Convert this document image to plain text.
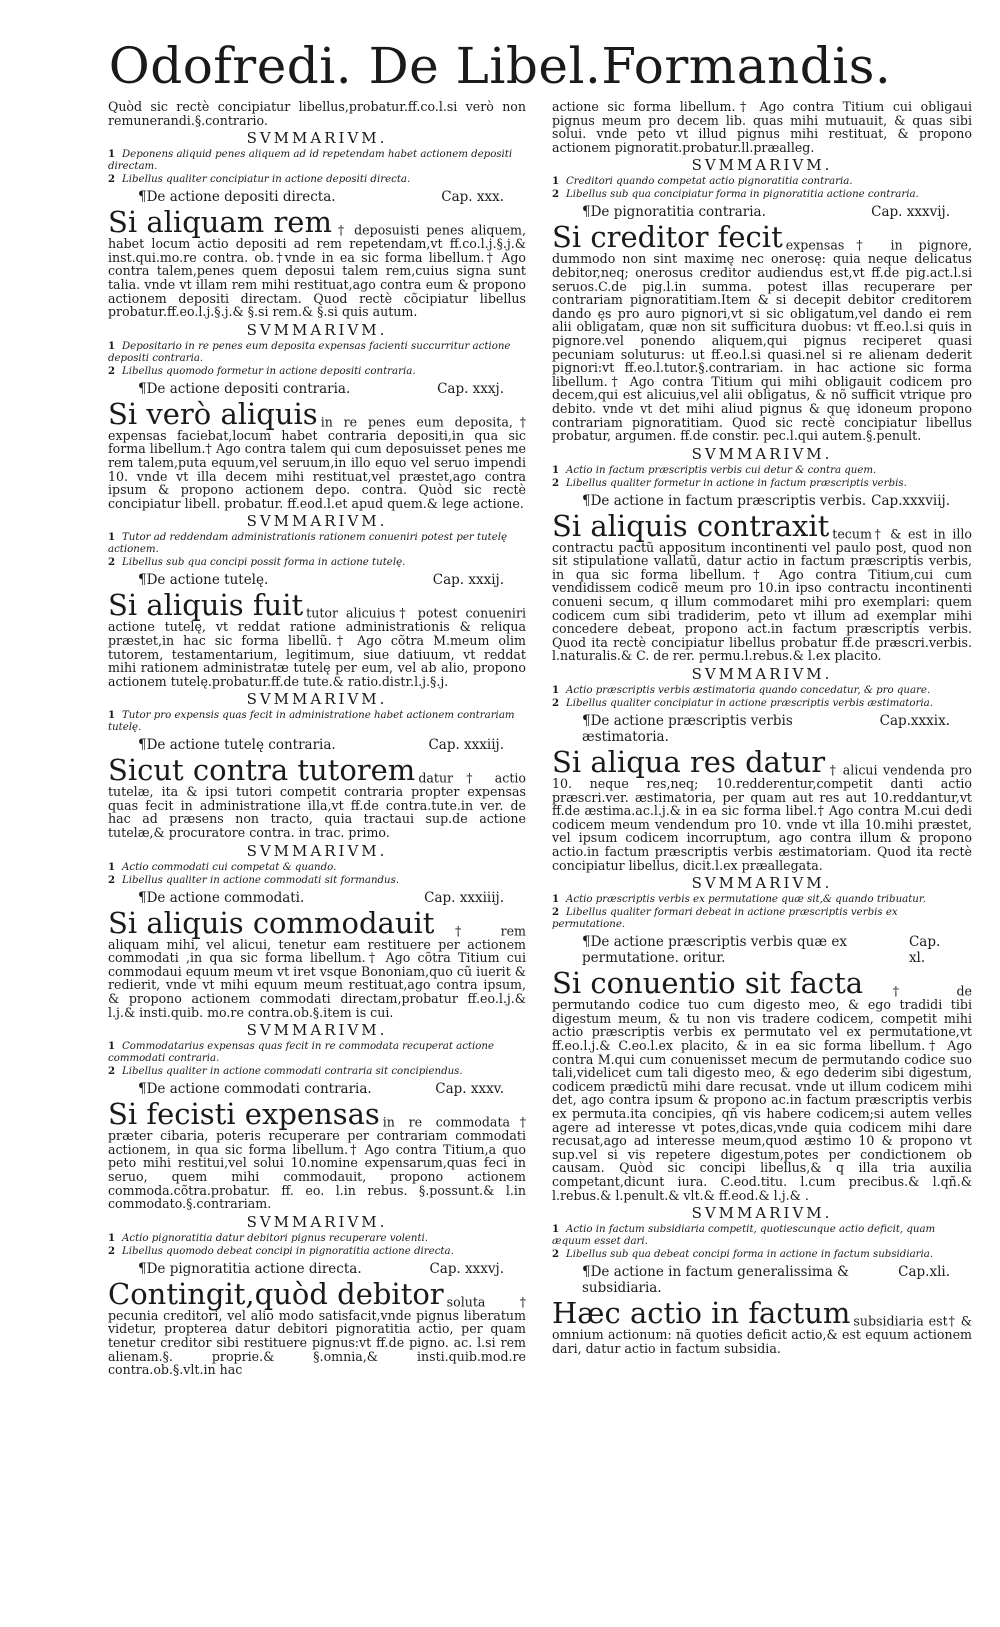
Odofredi. De Libel.Formandis.

Quòd sic rectè concipiatur libellus,probatur.ff.co.l.si verò non remunerandi.§.contrario.

SVMMARIVM.

1 Deponens aliquid penes aliquem ad id repetendam habet actionem depositi directam.

2 Libellus qualiter concipiatur in actione depositi directa.

¶De actione depositi directa.	Cap. xxx.

Si aliquam rem † deposuisti penes aliquem, habet locum actio depositi ad rem repetendam,vt ff.co.l.j.§.j.& inst.qui.mo.re contra. ob.†vnde in ea sic forma libellum.† Ago contra talem,penes quem deposui talem rem,cuius signa sunt talia. vnde vt illam rem mihi restituat,ago contra eum & propono actionem depositi directam. Quod rectè cõcipiatur libellus probatur.ff.eo.l.j.§.j.& §.si rem.& §.si quis autum.

SVMMARIVM.

1 Depositario in re penes eum deposita expensas facienti succurritur actione depositi contraria.

2 Libellus quomodo formetur in actione depositi contraria.

¶De actione depositi contraria.	Cap. xxxj.

Si verò aliquis in re penes eum deposita,† expensas faciebat,locum habet contraria depositi,in qua sic forma libellum.† Ago contra talem qui cum deposuisset penes me rem talem,puta equum,vel seruum,in illo equo vel seruo impendi 10. vnde vt illa decem mihi restituat,vel præstet,ago contra ipsum & propono actionem depo. contra. Quòd sic rectè concipiatur libell. probatur. ff.eod.l.et apud quem.& lege actione.

SVMMARIVM.

1 Tutor ad reddendam administrationis rationem conueniri potest per tutelę actionem.

2 Libellus sub qua concipi possit forma in actione tutelę.

¶De actione tutelę.	Cap. xxxij.

Si aliquis fuit tutor alicuius† potest conueniri actione tutelę, vt reddat ratione administrationis & reliqua præstet,in hac sic forma libellũ.† Ago cõtra M.meum olim tutorem, testamentarium, legitimum, siue datiuum, vt reddat mihi rationem administratæ tutelę per eum, vel ab alio, propono actionem tutelę.probatur.ff.de tute.& ratio.distr.l.j.§.j.

SVMMARIVM.

1 Tutor pro expensis quas fecit in administratione habet actionem contrariam tutelę.

¶De actione tutelę contraria.	Cap. xxxiij.

Sicut contra tutorem datur † actio tutelæ, ita & ipsi tutori competit contraria propter expensas quas fecit in administratione illa,vt ff.de contra.tute.in ver. de hac ad præsens non tracto, quia tractaui sup.de actione tutelæ,& procuratore contra. in trac. primo.

SVMMARIVM.

1 Actio commodati cui competat & quando.

2 Libellus qualiter in actione commodati sit formandus.

¶De actione commodati.	Cap. xxxiiij.

Si aliquis commodauit † rem aliquam mihi, vel alicui, tenetur eam restituere per actionem commodati ,in qua sic forma libellum.† Ago cõtra Titium cui commodaui equum meum vt iret vsque Bononiam,quo cũ iuerit & redierit, vnde vt mihi equum meum restituat,ago contra ipsum, & propono actionem commodati directam,probatur ff.eo.l.j.& l.j.& insti.quib. mo.re contra.ob.§.item is cui.

SVMMARIVM.

1 Commodatarius expensas quas fecit in re commodata recuperat actione commodati contraria.

2 Libellus qualiter in actione commodati contraria sit concipiendus.

¶De actione commodati contraria.	Cap. xxxv.

Si fecisti expensas in re commodata† præter cibaria, poteris recuperare per contrariam commodati actionem, in qua sic forma libellum.† Ago contra Titium,a quo peto mihi restitui,vel solui 10.nomine expensarum,quas feci in seruo, quem mihi commodauit, propono actionem commoda.cõtra.probatur. ff. eo. l.in rebus. §.possunt.& l.in commodato.§.contrariam.

SVMMARIVM.

1 Actio pignoratitia datur debitori pignus recuperare volenti.

2 Libellus quomodo debeat concipi in pignoratitia actione directa.

¶De pignoratitia actione directa.	Cap. xxxvj.

Contingit,quòd debitor soluta † pecunia creditori, vel alio modo satisfacit,vnde pignus liberatum videtur, propterea datur debitori pignoratitia actio, per quam tenetur creditor sibi restituere pignus:vt ff.de pigno. ac. l.si rem alienam.§. proprie.& §.omnia,& insti.quib.mod.re contra.ob.§.vlt.in hac

actione sic forma libellum.† Ago contra Titium cui obligaui pignus meum pro decem lib. quas mihi mutuauit, & quas sibi solui. vnde peto vt illud pignus mihi restituat, & propono actionem pignoratit.probatur.ll.præalleg.

SVMMARIVM.

1 Creditori quando competat actio pignoratitia contraria.

2 Libellus sub qua concipiatur forma in pignoratitia actione contraria.

¶De pignoratitia contraria.	Cap. xxxvij.

Si creditor fecit expensas† in pignore, dummodo non sint maximę nec onerosę: quia neque delicatus debitor,neq; onerosus creditor audiendus est,vt ff.de pig.act.l.si seruos.C.de pig.l.in summa. potest illas recuperare per contrariam pignoratitiam.Item & si decepit debitor creditorem dando ęs pro auro pignori,vt si sic obligatum,vel dando ei rem alii obligatam, quæ non sit sufficitura duobus: vt ff.eo.l.si quis in pignore.vel ponendo aliquem,qui pignus reciperet quasi pecuniam soluturus: ut ff.eo.l.si quasi.nel si re alienam dederit pignori:vt ff.eo.l.tutor.§.contrariam. in hac actione sic forma libellum.† Ago contra Titium qui mihi obligauit codicem pro decem,qui est alicuius,vel alii obligatus, & nõ sufficit vtrique pro debito. vnde vt det mihi aliud pignus & quę idoneum propono contrariam pignoratitiam. Quod sic rectè concipiatur libellus probatur, argumen. ff.de constir. pec.l.qui autem.§.penult.

SVMMARIVM.

1 Actio in factum præscriptis verbis cui detur & contra quem.

2 Libellus qualiter formetur in actione in factum præscriptis verbis.

¶De actione in factum præscriptis verbis. Cap.xxxviij.

Si aliquis contraxit tecum† & est in illo contractu pactũ appositum incontinenti vel paulo post, quod non sit stipulatione vallatũ, datur actio in factum præscriptis verbis, in qua sic forma libellum.† Ago contra Titium,cui cum vendidissem codicẽ meum pro 10.in ipso contractu incontinenti conueni secum, q illum commodaret mihi pro exemplari: quem codicem cum sibi tradiderim, peto vt illum ad exemplar mihi concedere debeat, propono act.in factum præscriptis verbis. Quod ita rectè concipiatur libellus probatur ff.de præscri.verbis. l.naturalis.& C. de rer. permu.l.rebus.& l.ex placito.

SVMMARIVM.

1 Actio præscriptis verbis æstimatoria quando concedatur, & pro quare.

2 Libellus qualiter concipiatur in actione præscriptis verbis æstimatoria.

¶De actione præscriptis verbis æstimatoria.
Cap.xxxix.

Si aliqua res datur † alicui vendenda pro 10. neque res,neq; 10.redderentur,competit danti actio præscri.ver. æstimatoria, per quam aut res aut 10.reddantur,vt ff.de æstima.ac.l.j.& in ea sic forma libel.† Ago contra M.cui dedi codicem meum vendendum pro 10. vnde vt illa 10.mihi præstet, vel ipsum codicem incorruptum, ago contra illum & propono actio.in factum præscriptis verbis æstimatoriam. Quod ita rectè concipiatur libellus, dicit.l.ex præallegata.

SVMMARIVM.

1 Actio præscriptis verbis ex permutatione quæ sit,& quando tribuatur.

2 Libellus qualiter formari debeat in actione præscriptis verbis ex permutatione.

¶De actione præscriptis verbis quæ ex permutatione. oritur.
Cap. xl.

Si conuentio sit facta † de permutando codice tuo cum digesto meo, & ego tradidi tibi digestum meum, & tu non vis tradere codicem, competit mihi actio præscriptis verbis ex permutato vel ex permutatione,vt ff.eo.l.j.& C.eo.l.ex placito, & in ea sic forma libellum.† Ago contra M.qui cum conuenisset mecum de permutando codice suo tali,videlicet cum tali digesto meo, & ego dederim sibi digestum, codicem prædictũ mihi dare recusat. vnde ut illum codicem mihi det, ago contra ipsum & propono ac.in factum præscriptis verbis ex permuta.ita concipies, qñ vis habere codicem;si autem velles agere ad interesse vt potes,dicas,vnde quia codicem mihi dare recusat,ago ad interesse meum,quod æstimo 10 & propono vt sup.vel si vis repetere digestum,potes per condictionem ob causam. Quòd sic concipi libellus,& q illa tria auxilia competant,dicunt iura. C.eod.titu. l.cum precibus.& l.qñ.& l.rebus.& l.penult.& vlt.& ff.eod.& l.j.& .

SVMMARIVM.

1 Actio in factum subsidiaria competit, quotiescunque actio deficit, quam æquum esset dari.

2 Libellus sub qua debeat concipi forma in actione in factum subsidiaria.

¶De actione in factum generalissima & subsidiaria.
Cap.xli.

Hæc actio in factum subsidiaria est† & omnium actionum: nã quoties deficit actio,& est equum actionem dari, datur actio in factum subsidia.
